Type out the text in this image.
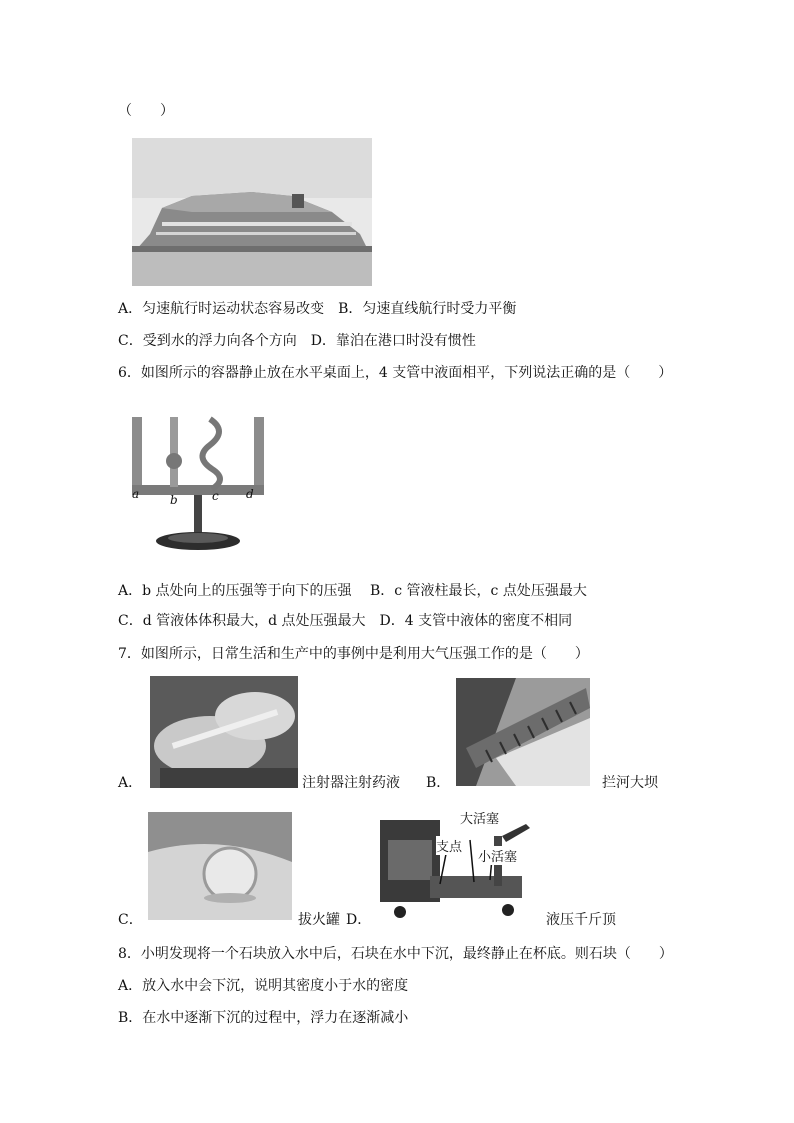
（　　）
A．匀速航行时运动状态容易改变　B．匀速直线航行时受力平衡
C．受到水的浮力向各个方向　D．靠泊在港口时没有惯性
6．如图所示的容器静止放在水平桌面上，4 支管中液面相平，下列说法正确的是（　　）
a	b	c d
A．b 点处向上的压强等于向下的压强　 B．c 管液柱最长，c 点处压强最大
C．d 管液体体积最大，d 点处压强最大　D．4 支管中液体的密度不相同
7．如图所示，日常生活和生产中的事例中是利用大气压强工作的是（　　）
A．	注射器注射药液 B．	拦河大坝
C．	拔火罐 D．
大活塞
支点
小活塞
液压千斤顶
8．小明发现将一个石块放入水中后，石块在水中下沉，最终静止在杯底。则石块（　　）
A．放入水中会下沉，说明其密度小于水的密度
B．在水中逐渐下沉的过程中，浮力在逐渐减小
